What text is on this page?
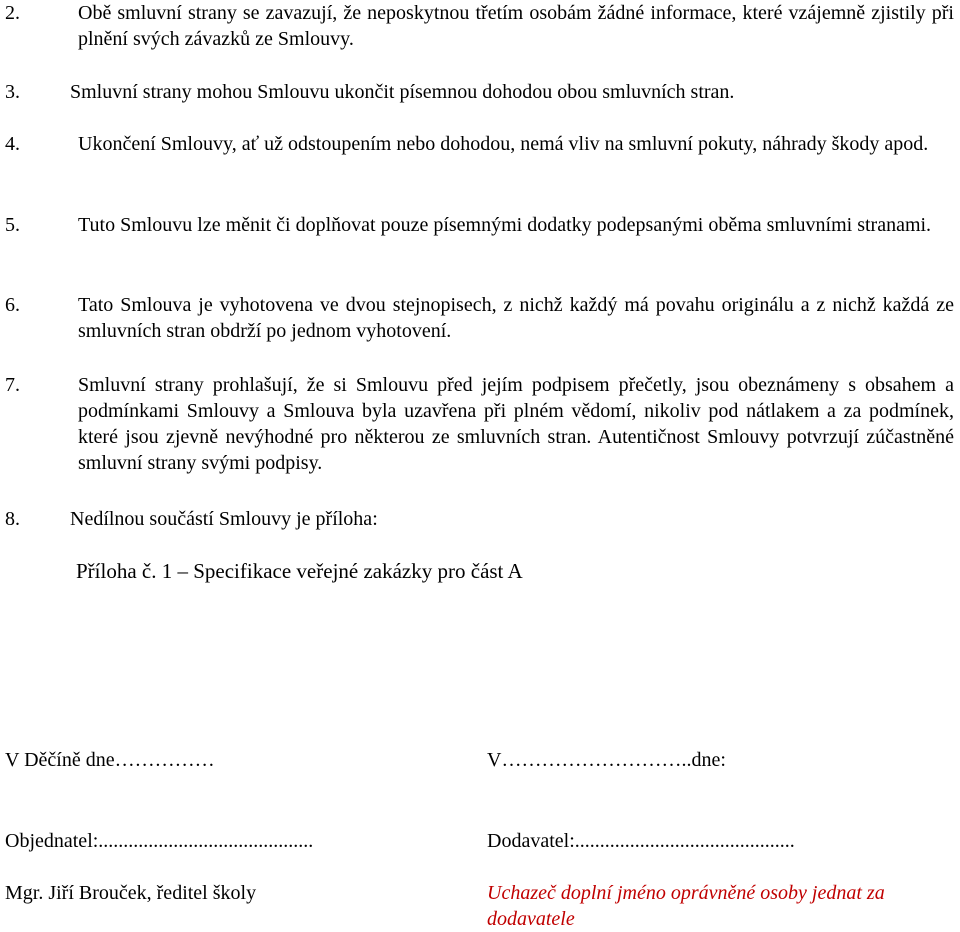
2.	Obě smluvní strany se zavazují, že neposkytnou třetím osobám žádné informace, které vzájemně zjistily při plnění svých závazků ze Smlouvy.
3.	Smluvní strany mohou Smlouvu ukončit písemnou dohodou obou smluvních stran.
4.	Ukončení Smlouvy, ať už odstoupením nebo dohodou, nemá vliv na smluvní pokuty, náhrady škody apod.
5.	Tuto Smlouvu lze měnit či doplňovat pouze písemnými dodatky podepsanými oběma smluvními stranami.
6.	Tato Smlouva je vyhotovena ve dvou stejnopisech, z nichž každý má povahu originálu a z nichž každá ze smluvních stran obdrží po jednom vyhotovení.
7.	Smluvní strany prohlašují, že si Smlouvu před jejím podpisem přečetly, jsou obeznámeny s obsahem a podmínkami Smlouvy a Smlouva byla uzavřena při plném vědomí, nikoliv pod nátlakem a za podmínek, které jsou zjevně nevýhodné pro některou ze smluvních stran. Autentičnost Smlouvy potvrzují zúčastněné smluvní strany svými podpisy.
8.	Nedílnou součástí Smlouvy je příloha:
Příloha č. 1 – Specifikace veřejné zakázky pro část A
V Děčíně dne……………	V………………………..dne:
Objednatel:...........................................	Dodavatel:............................................
Mgr. Jiří Brouček, ředitel školy	Uchazeč doplní jméno oprávněné osoby jednat za dodavatele
